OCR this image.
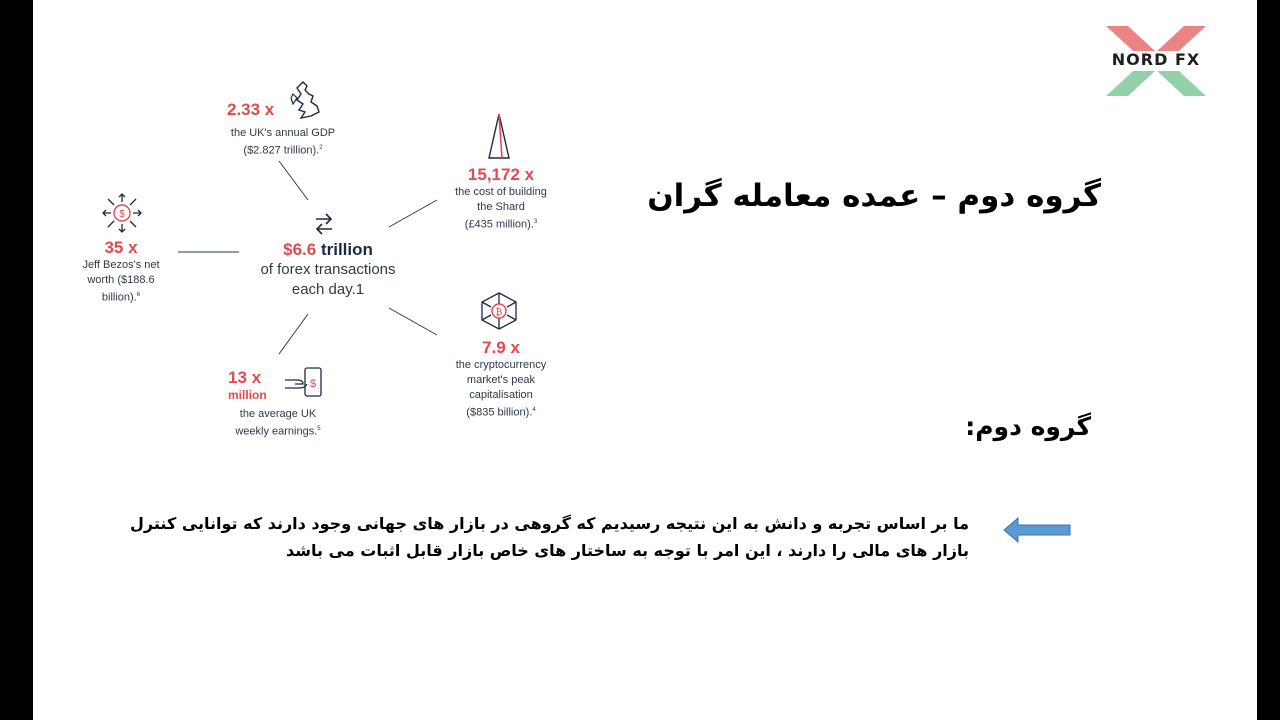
NORD FX
$6.6 trillion
of forex transactions
each day.1
2.33 x
the UK's annual GDP
($2.827 trillion).$^2$
15,172 x
the cost of building
the Shard
(£435 million).$^3$
$
35 x
Jeff Bezos's net
worth ($188.6
billion).$^6$
₿
7.9 x
the cryptocurrency
market's peak
capitalisation
($835 billion).$^4$
13 x
million
$
the average UK
weekly earnings.$^5$
گروه دوم – عمده معامله گران
گروه دوم:
ما بر اساس تجربه و دانش به این نتیجه رسیدیم که گروهی در بازار های جهانی وجود دارند که توانایی کنترل بازار های مالی را دارند ، این امر با توجه به ساختار های خاص بازار قابل اثبات می باشد
